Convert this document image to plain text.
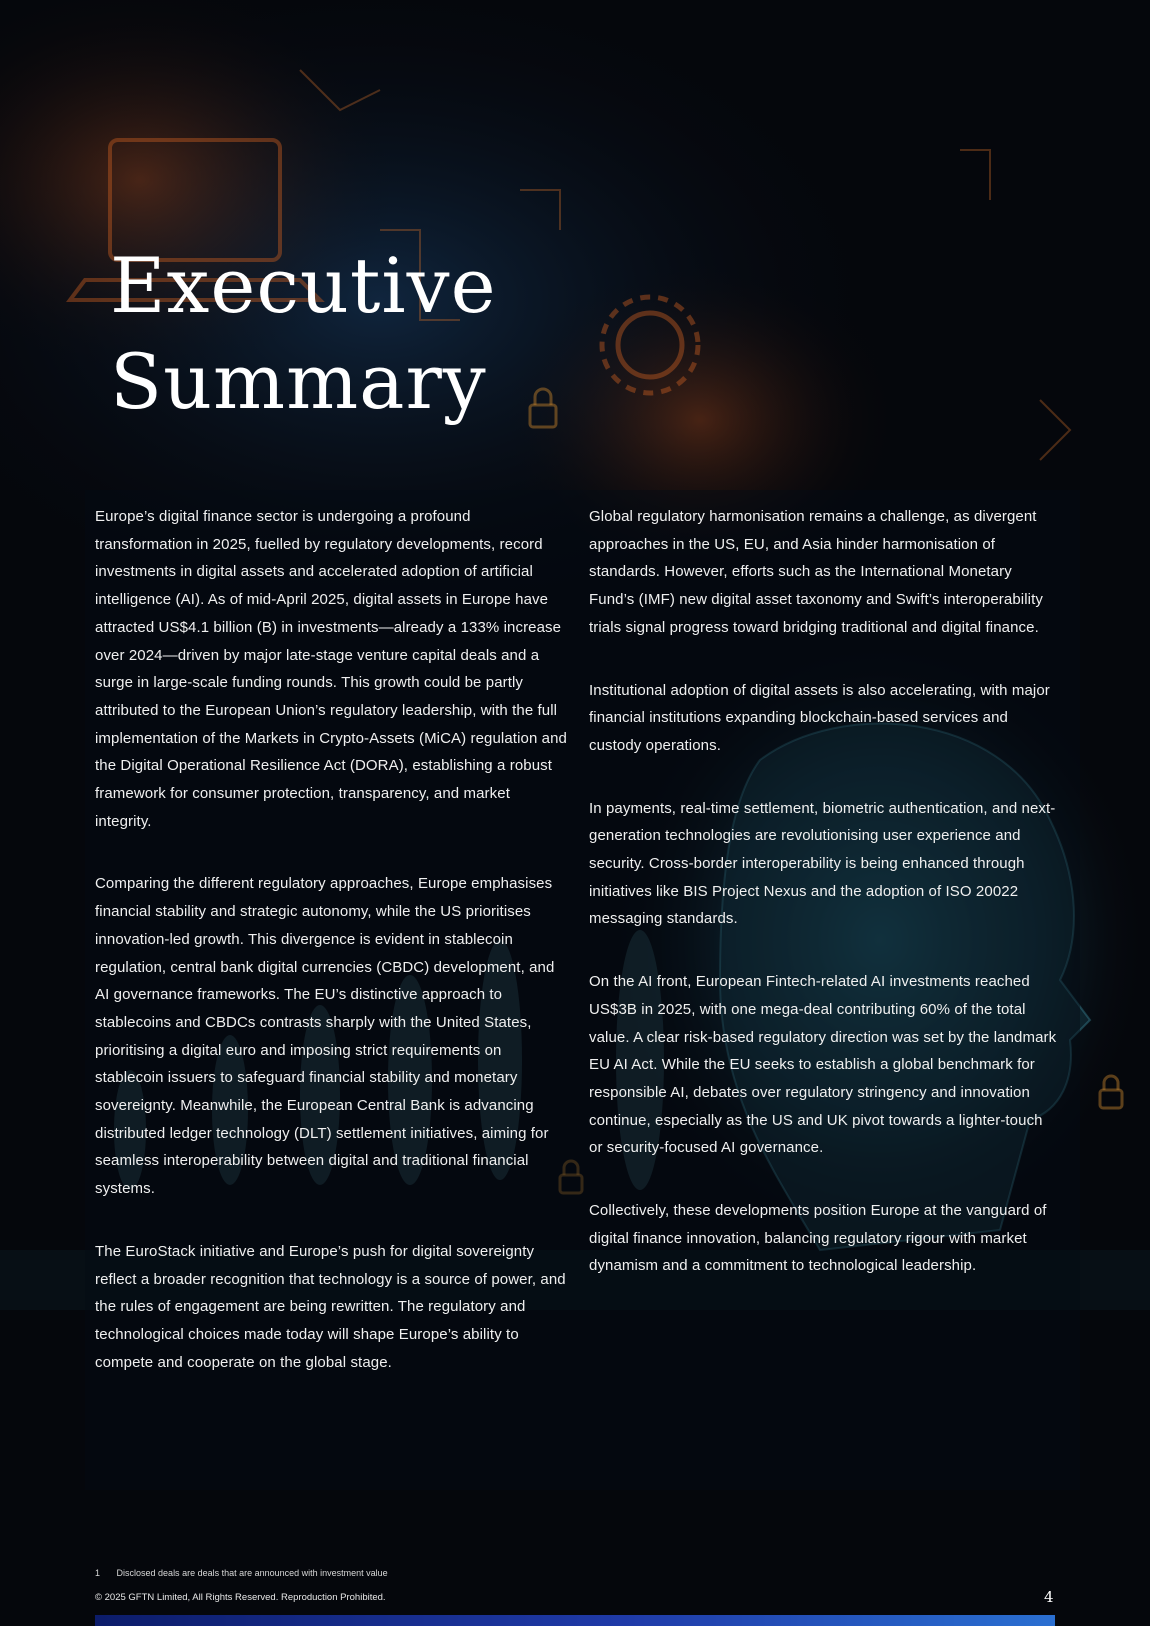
Executive
Summary

Europe’s digital finance sector is undergoing a profound transformation in 2025, fuelled by regulatory developments, record investments in digital assets and accelerated adoption of artificial intelligence (AI). As of mid-April 2025, digital assets in Europe have attracted US$4.1 billion (B) in investments—already a 133% increase over 2024—driven by major late-stage venture capital deals and a surge in large-scale funding rounds. This growth could be partly attributed to the European Union’s regulatory leadership, with the full implementation of the Markets in Crypto-Assets (MiCA) regulation and the Digital Operational Resilience Act (DORA), establishing a robust framework for consumer protection, transparency, and market integrity.

Comparing the different regulatory approaches, Europe emphasises financial stability and strategic autonomy, while the US prioritises innovation-led growth. This divergence is evident in stablecoin regulation, central bank digital currencies (CBDC) development, and AI governance frameworks. The EU’s distinctive approach to stablecoins and CBDCs contrasts sharply with the United States, prioritising a digital euro and imposing strict requirements on stablecoin issuers to safeguard financial stability and monetary sovereignty. Meanwhile, the European Central Bank is advancing distributed ledger technology (DLT) settlement initiatives, aiming for seamless interoperability between digital and traditional financial systems.

The EuroStack initiative and Europe’s push for digital sovereignty reflect a broader recognition that technology is a source of power, and the rules of engagement are being rewritten. The regulatory and technological choices made today will shape Europe’s ability to compete and cooperate on the global stage.

Global regulatory harmonisation remains a challenge, as divergent approaches in the US, EU, and Asia hinder harmonisation of standards. However, efforts such as the International Monetary Fund’s (IMF) new digital asset taxonomy and Swift’s interoperability trials signal progress toward bridging traditional and digital finance.

Institutional adoption of digital assets is also accelerating, with major financial institutions expanding blockchain-based services and custody operations.

In payments, real-time settlement, biometric authentication, and next-generation technologies are revolutionising user experience and security. Cross-border interoperability is being enhanced through initiatives like BIS Project Nexus and the adoption of ISO 20022 messaging standards.

On the AI front, European Fintech-related AI investments reached US$3B in 2025, with one mega-deal contributing 60% of the total value. A clear risk-based regulatory direction was set by the landmark EU AI Act. While the EU seeks to establish a global benchmark for responsible AI, debates over regulatory stringency and innovation continue, especially as the US and UK pivot towards a lighter-touch or security-focused AI governance.

Collectively, these developments position Europe at the vanguard of digital finance innovation, balancing regulatory rigour with market dynamism and a commitment to technological leadership.

1 Disclosed deals are deals that are announced with investment value
© 2025 GFTN Limited, All Rights Reserved. Reproduction Prohibited.	4
